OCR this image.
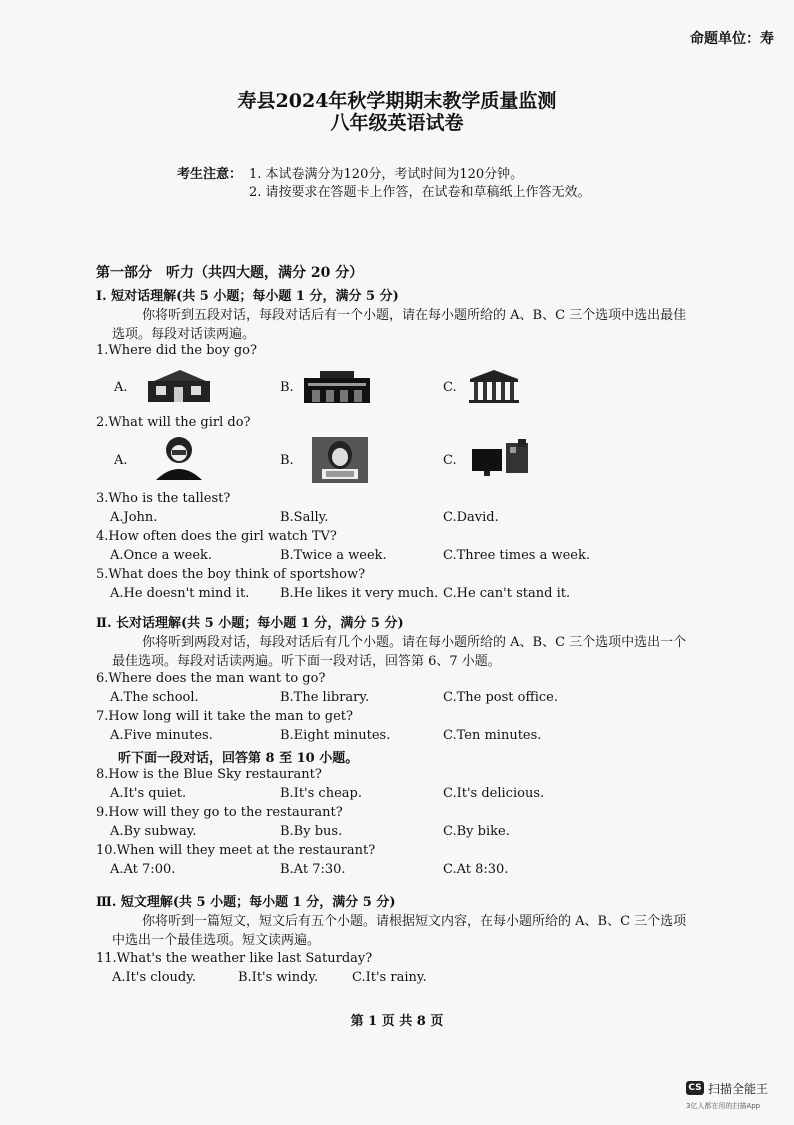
命题单位：寿
寿县2024年秋学期期末教学质量监测
八年级英语试卷
考生注意： 1. 本试卷满分为120分，考试时间为120分钟。
2. 请按要求在答题卡上作答，在试卷和草稿纸上作答无效。
第一部分　听力（共四大题，满分 20 分）
Ⅰ. 短对话理解(共 5 小题；每小题 1 分，满分 5 分)
你将听到五段对话，每段对话后有一个小题，请在每小题所给的 A、B、C 三个选项中选出最佳
选项。每段对话读两遍。
1.Where did the boy go?
A.	B.	C.
2.What will the girl do?
A.	B.	C.
3.Who is the tallest?
A.John.	B.Sally.	C.David.
4.How often does the girl watch TV?
A.Once a week.	B.Twice a week.	C.Three times a week.
5.What does the boy think of sportshow?
A.He doesn't mind it. B.He likes it very much. C.He can't stand it.
Ⅱ. 长对话理解(共 5 小题；每小题 1 分，满分 5 分)
你将听到两段对话，每段对话后有几个小题。请在每小题所给的 A、B、C 三个选项中选出一个
最佳选项。每段对话读两遍。听下面一段对话，回答第 6、7 小题。
6.Where does the man want to go?
A.The school.	B.The library.	C.The post office.
7.How long will it take the man to get?
A.Five minutes.	B.Eight minutes.	C.Ten minutes.
听下面一段对话，回答第 8 至 10 小题。
8.How is the Blue Sky restaurant?
A.It's quiet.	B.It's cheap.	C.It's delicious.
9.How will they go to the restaurant?
A.By subway.	B.By bus.	C.By bike.
10.When will they meet at the restaurant?
A.At 7:00.	B.At 7:30.	C.At 8:30.
Ⅲ. 短文理解(共 5 小题；每小题 1 分，满分 5 分)
你将听到一篇短文，短文后有五个小题。请根据短文内容，在每小题所给的 A、B、C 三个选项
中选出一个最佳选项。短文读两遍。
11.What's the weather like last Saturday?
A.It's cloudy.	B.It's windy.	C.It's rainy.
第 1 页 共 8 页
CS 扫描全能王
3亿人都在用的扫描App
